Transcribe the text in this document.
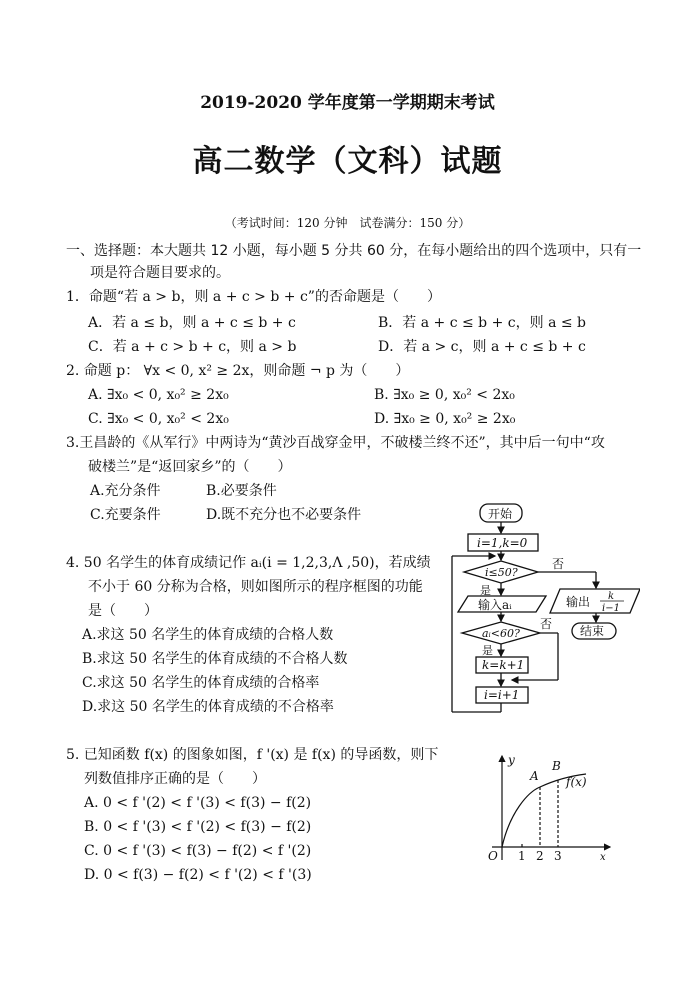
2019-2020 学年度第一学期期末考试
高二数学（文科）试题
（考试时间：120 分钟　试卷满分：150 分）
一、选择题：本大题共 12 小题，每小题 5 分共 60 分，在每小题给出的四个选项中，只有一
项是符合题目要求的。
1．命题“若 a > b，则 a + c > b + c”的否命题是（　　）
A．若 a ≤ b，则 a + c ≤ b + c	B．若 a + c ≤ b + c，则 a ≤ b
C．若 a + c > b + c，则 a > b	D．若 a > c，则 a + c ≤ b + c
2. 命题 p： ∀x < 0, x² ≥ 2x，则命题 ¬ p 为（　　）
A. ∃x₀ < 0, x₀² ≥ 2x₀	B. ∃x₀ ≥ 0, x₀² < 2x₀
C. ∃x₀ < 0, x₀² < 2x₀	D. ∃x₀ ≥ 0, x₀² ≥ 2x₀
3.王昌龄的《从军行》中两诗为“黄沙百战穿金甲，不破楼兰终不还”，其中后一句中“攻
破楼兰”是“返回家乡”的（　　）
A.充分条件	B.必要条件
C.充要条件	D.既不充分也不必要条件
4. 50 名学生的体育成绩记作 aᵢ(i = 1,2,3,Λ ,50)，若成绩
不小于 60 分称为合格，则如图所示的程序框图的功能
是（　　）
A.求这 50 名学生的体育成绩的合格人数
B.求这 50 名学生的体育成绩的不合格人数
C.求这 50 名学生的体育成绩的合格率
D.求这 50 名学生的体育成绩的不合格率
5. 已知函数 f(x) 的图象如图，f '(x) 是 f(x) 的导函数，则下
列数值排序正确的是（　　）
A. 0 < f '(2) < f '(3) < f(3) − f(2)
B. 0 < f '(3) < f '(2) < f(3) − f(2)
C. 0 < f '(3) < f(3) − f(2) < f '(2)
D. 0 < f(3) − f(2) < f '(2) < f '(3)
开始
i=1,k=0
i≤50?
否
是
输入aᵢ
aᵢ<60?
否
是
k=k+1
i=i+1
输出 k
i−1
结束
y
x
O 1 2 3
A
B
f(x)
